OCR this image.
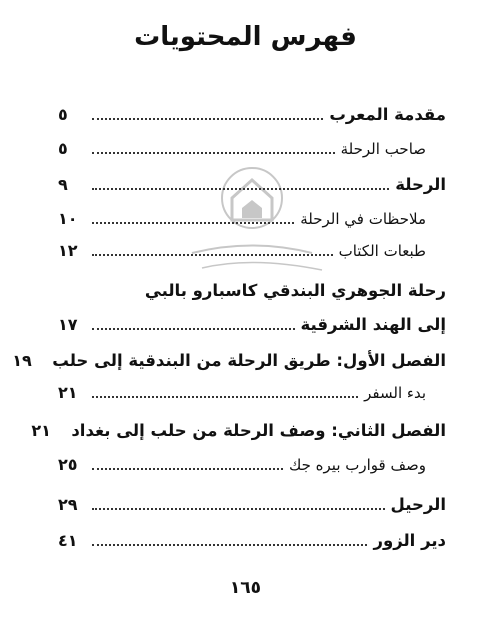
فهرس المحتويات
مقدمة المعرب
٥
صاحب الرحلة
٥
الرحلة
٩
ملاحظات في الرحلة
١٠
طبعات الكتاب
١٢
رحلة الجوهري البندقي كاسبارو بالبي
إلى الهند الشرقية
١٧
الفصل الأول: طريق الرحلة من البندقية إلى حلب
١٩
بدء السفر
٢١
الفصل الثاني: وصف الرحلة من حلب إلى بغداد
٢١
وصف قوارب بيره جك
٢٥
الرحيل
٢٩
دير الزور
٤١
١٦٥
